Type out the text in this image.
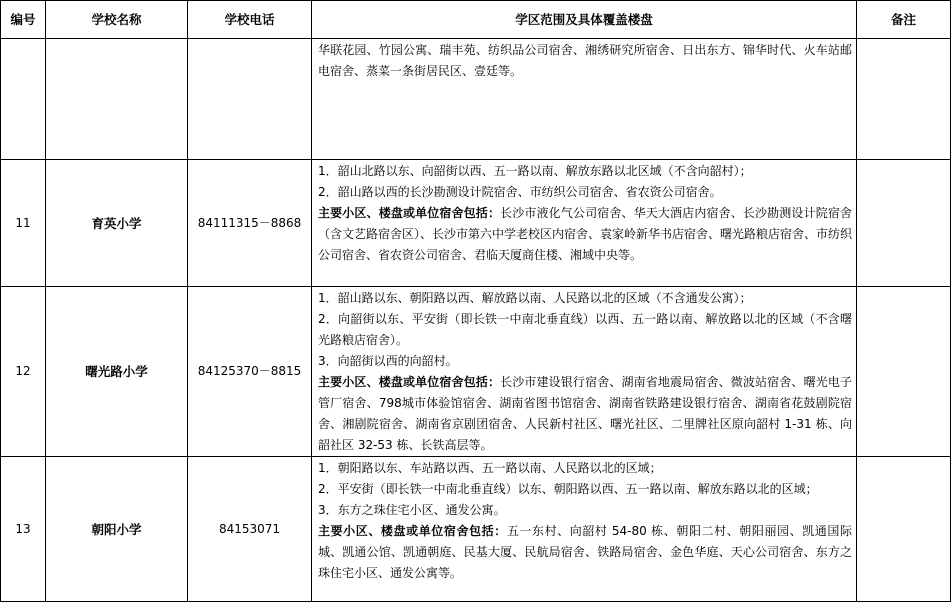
编号	学校名称	学校电话	学区范围及具体覆盖楼盘	备注

			华联花园、竹园公寓、瑞丰苑、纺织品公司宿舍、湘绣研究所宿舍、日出东方、锦华时代、火车站邮电宿舍、蒸菜一条街居民区、壹廷等。	

11	育英小学	84111315－8868	1．韶山北路以东、向韶街以西、五一路以南、解放东路以北区域（不含向韶村）；
2．韶山路以西的长沙勘测设计院宿舍、市纺织公司宿舍、省农资公司宿舍。
主要小区、楼盘或单位宿舍包括：长沙市液化气公司宿舍、华天大酒店内宿舍、长沙勘测设计院宿舍（含文艺路宿舍区）、长沙市第六中学老校区内宿舍、袁家岭新华书店宿舍、曙光路粮店宿舍、市纺织公司宿舍、省农资公司宿舍、君临天厦商住楼、湘域中央等。	

12	曙光路小学	84125370－8815	1．韶山路以东、朝阳路以西、解放路以南、人民路以北的区域（不含通发公寓）；
2．向韶街以东、平安街（即长铁一中南北垂直线）以西、五一路以南、解放路以北的区域（不含曙光路粮店宿舍）。
3．向韶街以西的向韶村。
主要小区、楼盘或单位宿舍包括：长沙市建设银行宿舍、湖南省地震局宿舍、微波站宿舍、曙光电子管厂宿舍、798城市体验馆宿舍、湖南省图书馆宿舍、湖南省铁路建设银行宿舍、湖南省花鼓剧院宿舍、湘剧院宿舍、湖南省京剧团宿舍、人民新村社区、曙光社区、二里牌社区原向韶村 1-31 栋、向韶社区 32-53 栋、长铁高层等。	

13	朝阳小学	84153071	1．朝阳路以东、车站路以西、五一路以南、人民路以北的区域；
2．平安街（即长铁一中南北垂直线）以东、朝阳路以西、五一路以南、解放东路以北的区域；
3．东方之珠住宅小区、通发公寓。
主要小区、楼盘或单位宿舍包括：五一东村、向韶村 54-80 栋、朝阳二村、朝阳丽园、凯通国际城、凯通公馆、凯通朝庭、民基大厦、民航局宿舍、铁路局宿舍、金色华庭、天心公司宿舍、东方之珠住宅小区、通发公寓等。	
